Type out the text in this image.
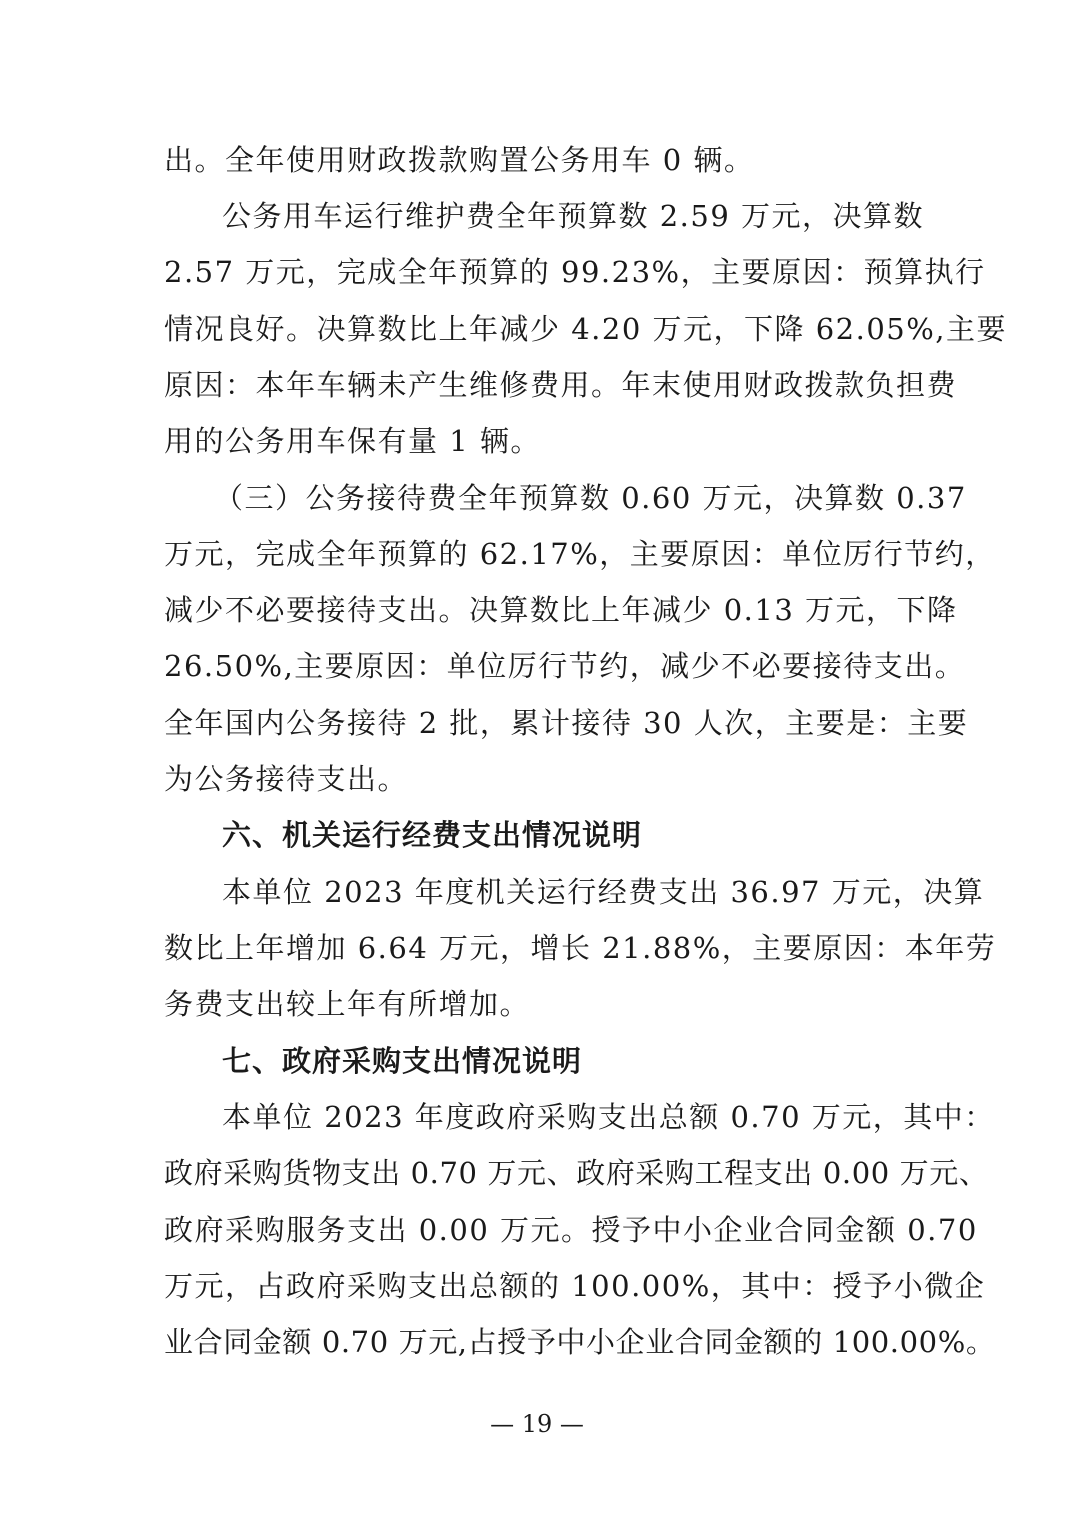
出。全年使用财政拨款购置公务用车 0 辆。
公务用车运行维护费全年预算数 2.59 万元，决算数
2.57 万元，完成全年预算的 99.23%，主要原因：预算执行
情况良好。决算数比上年减少 4.20 万元，下降 62.05%,主要
原因：本年车辆未产生维修费用。年末使用财政拨款负担费
用的公务用车保有量 1 辆。
（三）公务接待费全年预算数 0.60 万元，决算数 0.37
万元，完成全年预算的 62.17%，主要原因：单位厉行节约，
减少不必要接待支出。决算数比上年减少 0.13 万元，下降
26.50%,主要原因：单位厉行节约，减少不必要接待支出。
全年国内公务接待 2 批，累计接待 30 人次，主要是：主要
为公务接待支出。
六、机关运行经费支出情况说明
本单位 2023 年度机关运行经费支出 36.97 万元，决算
数比上年增加 6.64 万元，增长 21.88%，主要原因：本年劳
务费支出较上年有所增加。
七、政府采购支出情况说明
本单位 2023 年度政府采购支出总额 0.70 万元，其中：
政府采购货物支出 0.70 万元、政府采购工程支出 0.00 万元、
政府采购服务支出 0.00 万元。授予中小企业合同金额 0.70
万元，占政府采购支出总额的 100.00%，其中：授予小微企
业合同金额 0.70 万元,占授予中小企业合同金额的 100.00%。
— 19 —
